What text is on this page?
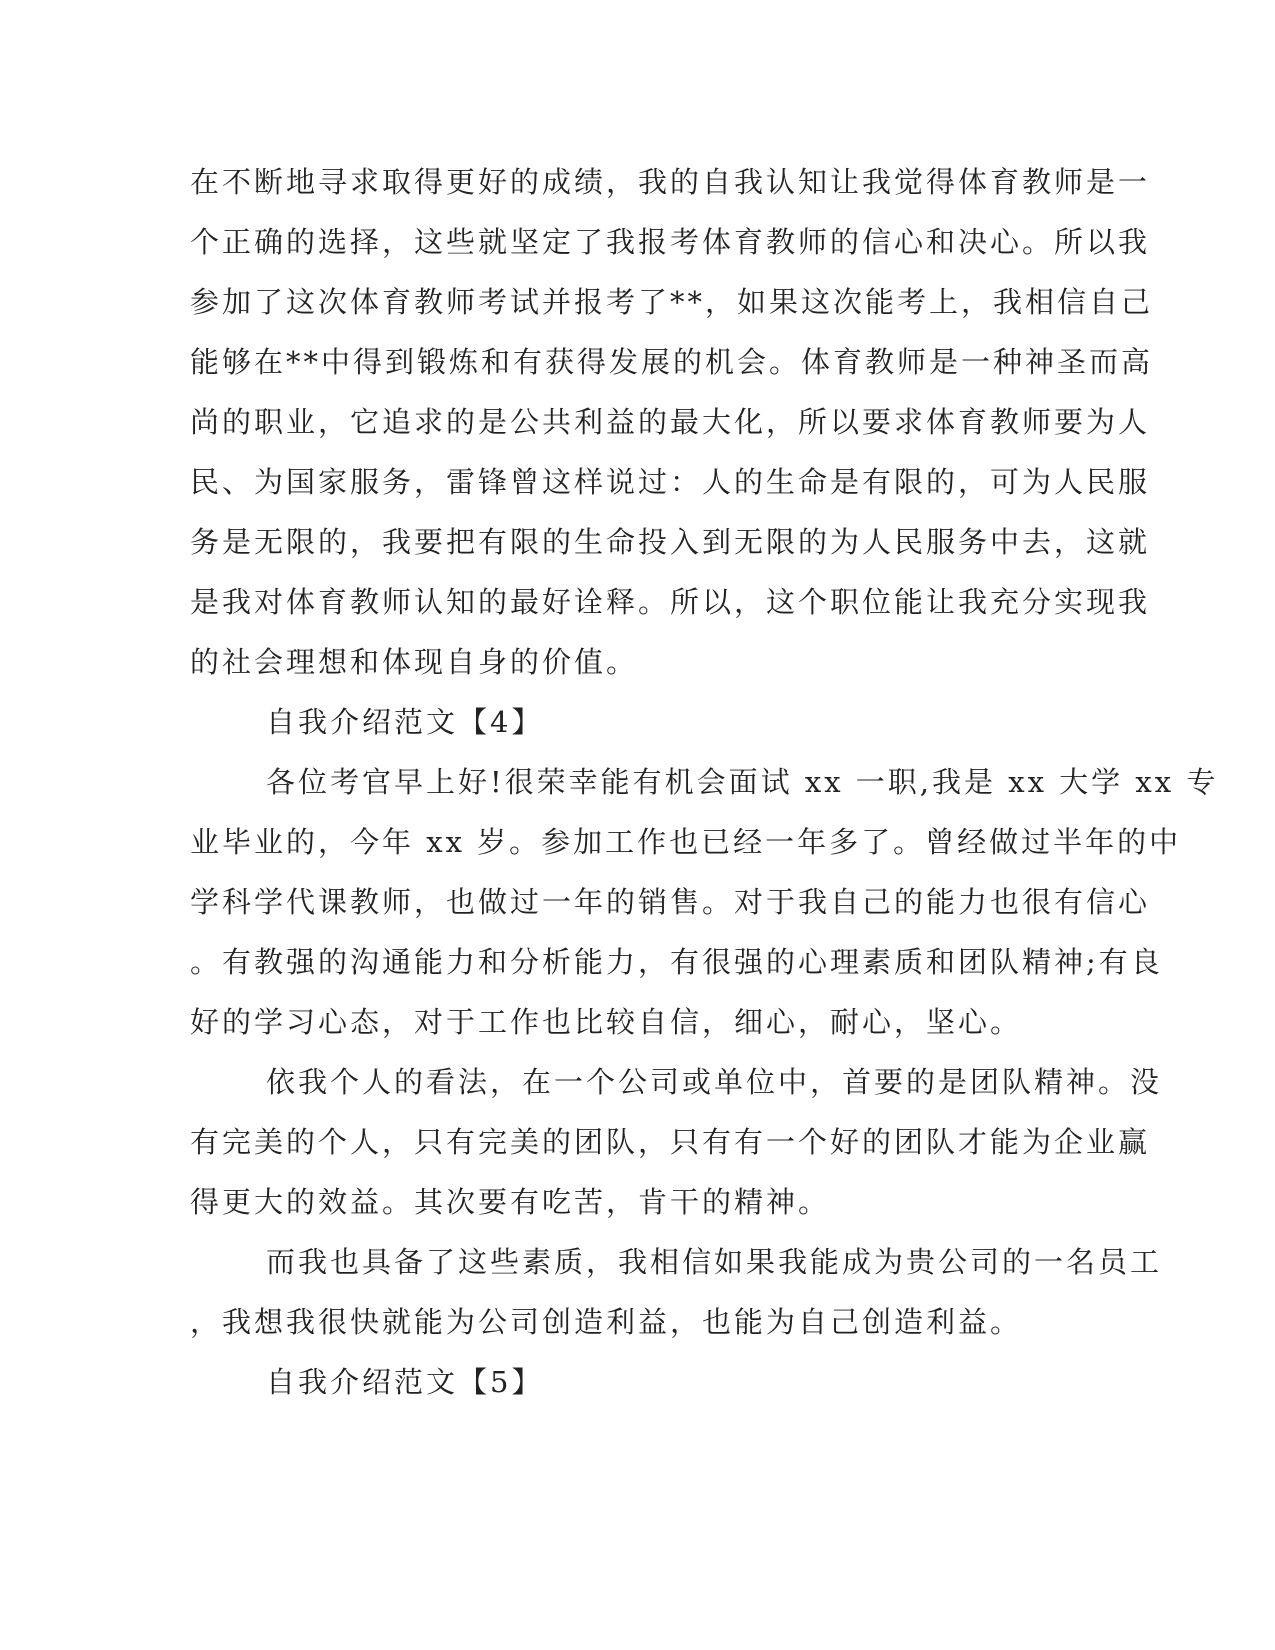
在不断地寻求取得更好的成绩，我的自我认知让我觉得体育教师是一
个正确的选择，这些就坚定了我报考体育教师的信心和决心。所以我
参加了这次体育教师考试并报考了**，如果这次能考上，我相信自己
能够在**中得到锻炼和有获得发展的机会。体育教师是一种神圣而高
尚的职业，它追求的是公共利益的最大化，所以要求体育教师要为人
民、为国家服务，雷锋曾这样说过：人的生命是有限的，可为人民服
务是无限的，我要把有限的生命投入到无限的为人民服务中去，这就
是我对体育教师认知的最好诠释。所以，这个职位能让我充分实现我
的社会理想和体现自身的价值。
自我介绍范文【4】
各位考官早上好!很荣幸能有机会面试 xx 一职,我是 xx 大学 xx 专
业毕业的，今年 xx 岁。参加工作也已经一年多了。曾经做过半年的中
学科学代课教师，也做过一年的销售。对于我自己的能力也很有信心
。有教强的沟通能力和分析能力，有很强的心理素质和团队精神;有良
好的学习心态，对于工作也比较自信，细心，耐心，坚心。
依我个人的看法，在一个公司或单位中，首要的是团队精神。没
有完美的个人，只有完美的团队，只有有一个好的团队才能为企业赢
得更大的效益。其次要有吃苦，肯干的精神。
而我也具备了这些素质，我相信如果我能成为贵公司的一名员工
，我想我很快就能为公司创造利益，也能为自己创造利益。
自我介绍范文【5】
